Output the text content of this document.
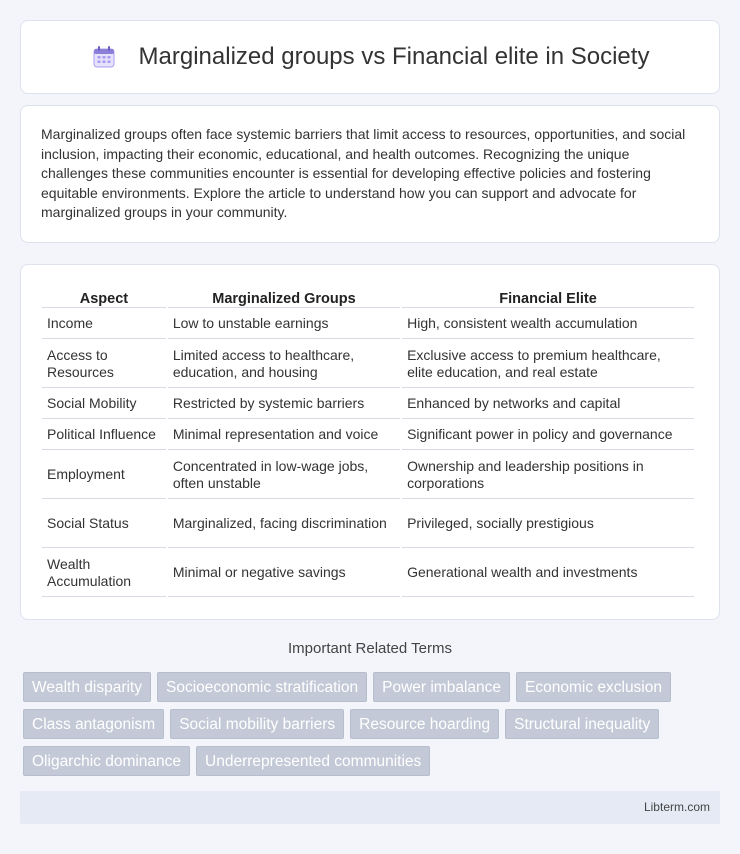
Marginalized groups vs Financial elite in Society

Marginalized groups often face systemic barriers that limit access to resources, opportunities, and social inclusion, impacting their economic, educational, and health outcomes. Recognizing the unique challenges these communities encounter is essential for developing effective policies and fostering equitable environments. Explore the article to understand how you can support and advocate for marginalized groups in your community.

Aspect	Marginalized Groups	Financial Elite
Income	Low to unstable earnings	High, consistent wealth accumulation
Access to Resources	Limited access to healthcare, education, and housing	Exclusive access to premium healthcare, elite education, and real estate
Social Mobility	Restricted by systemic barriers	Enhanced by networks and capital
Political Influence	Minimal representation and voice	Significant power in policy and governance
Employment	Concentrated in low-wage jobs, often unstable	Ownership and leadership positions in corporations
Social Status	Marginalized, facing discrimination	Privileged, socially prestigious
Wealth Accumulation	Minimal or negative savings	Generational wealth and investments
Important Related Terms
Wealth disparity	Socioeconomic stratification	Power imbalance	Economic exclusion
Class antagonism	Social mobility barriers	Resource hoarding	Structural inequality
Oligarchic dominance	Underrepresented communities
Libterm.com
